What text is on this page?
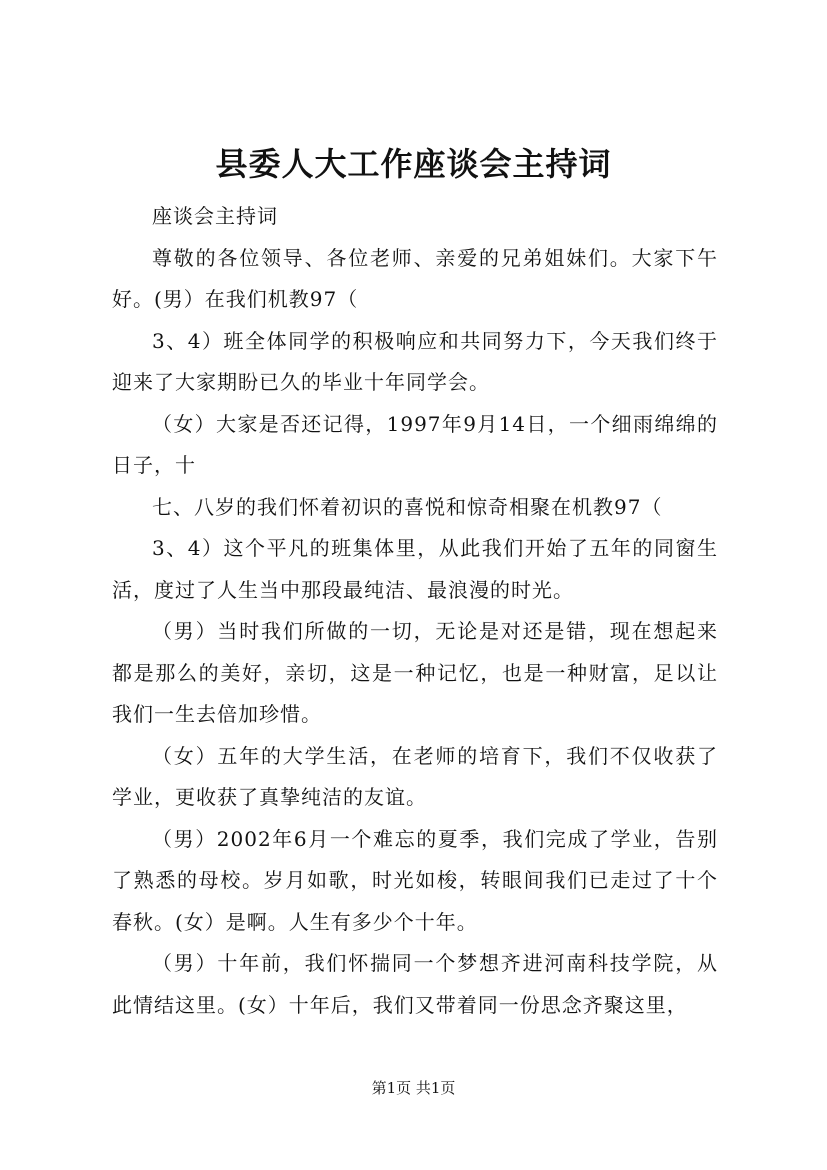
县委人大工作座谈会主持词

座谈会主持词

尊敬的各位领导、各位老师、亲爱的兄弟姐妹们。大家下午好。(男）在我们机教97（

3、4）班全体同学的积极响应和共同努力下，今天我们终于迎来了大家期盼已久的毕业十年同学会。

（女）大家是否还记得，1997年9月14日，一个细雨绵绵的日子，十

七、八岁的我们怀着初识的喜悦和惊奇相聚在机教97（

3、4）这个平凡的班集体里，从此我们开始了五年的同窗生活，度过了人生当中那段最纯洁、最浪漫的时光。

（男）当时我们所做的一切，无论是对还是错，现在想起来都是那么的美好，亲切，这是一种记忆，也是一种财富，足以让我们一生去倍加珍惜。

（女）五年的大学生活，在老师的培育下，我们不仅收获了学业，更收获了真挚纯洁的友谊。

（男）2002年6月一个难忘的夏季，我们完成了学业，告别了熟悉的母校。岁月如歌，时光如梭，转眼间我们已走过了十个春秋。(女）是啊。人生有多少个十年。

（男）十年前，我们怀揣同一个梦想齐进河南科技学院，从此情结这里。(女）十年后，我们又带着同一份思念齐聚这里，

第1页 共1页
